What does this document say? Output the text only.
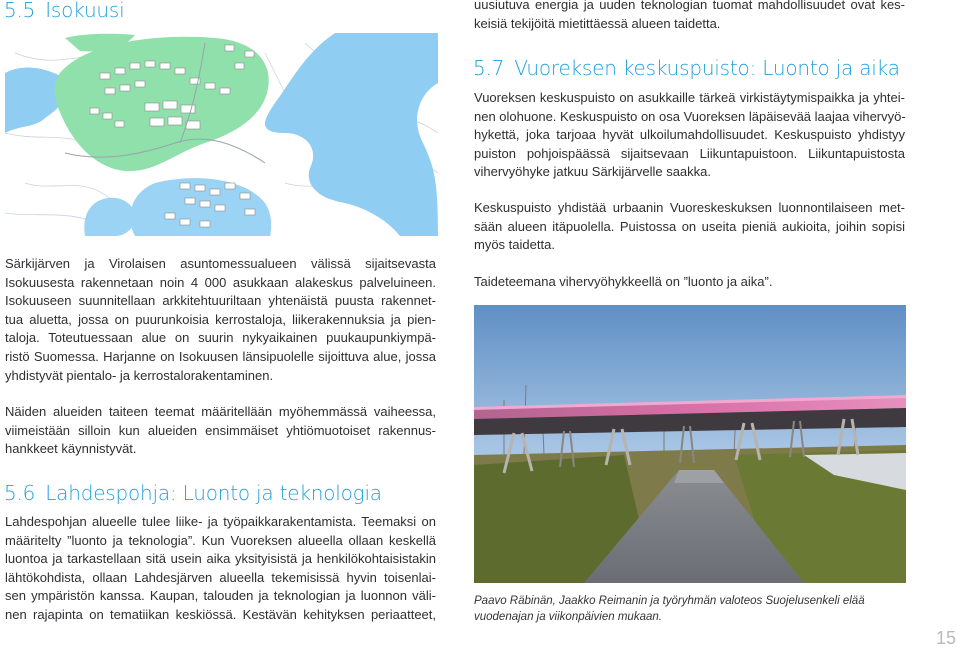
5.5 Isokuusi
Särkijärven ja Virolaisen asuntomessualueen välissä sijaitsevasta
Isokuusesta rakennetaan noin 4 000 asukkaan alakeskus palveluineen.
Isokuuseen suunnitellaan arkkitehtuuriltaan yhtenäistä puusta rakennet-
tua aluetta, jossa on puurunkoisia kerrostaloja, liikerakennuksia ja pien-
taloja. Toteutuessaan alue on suurin nykyaikainen puukaupunkiympä-
ristö Suomessa. Harjanne on Isokuusen länsipuolelle sijoittuva alue, jossa
yhdistyvät pientalo- ja kerrostalorakentaminen.
Näiden alueiden taiteen teemat määritellään myöhemmässä vaiheessa,
viimeistään silloin kun alueiden ensimmäiset yhtiömuotoiset rakennus-
hankkeet käynnistyvät.
5.6 Lahdespohja: Luonto ja teknologia
Lahdespohjan alueelle tulee liike- ja työpaikkarakentamista. Teemaksi on
määritelty ”luonto ja teknologia”. Kun Vuoreksen alueella ollaan keskellä
luontoa ja tarkastellaan sitä usein aika yksityisistä ja henkilökohtaisistakin
lähtökohdista, ollaan Lahdesjärven alueella tekemisissä hyvin toisenlai-
sen ympäristön kanssa. Kaupan, talouden ja teknologian ja luonnon väli-
nen rajapinta on tematiikan keskiössä. Kestävän kehityksen periaatteet,
uusiutuva energia ja uuden teknologian tuomat mahdollisuudet ovat kes-
keisiä tekijöitä mietittäessä alueen taidetta.
5.7 Vuoreksen keskuspuisto: Luonto ja aika
Vuoreksen keskuspuisto on asukkaille tärkeä virkistäytymispaikka ja yhtei-
nen olohuone. Keskuspuisto on osa Vuoreksen läpäisevää laajaa vihervyö-
hykettä, joka tarjoaa hyvät ulkoilumahdollisuudet. Keskuspuisto yhdistyy
puiston pohjoispäässä sijaitsevaan Liikuntapuistoon. Liikuntapuistosta
vihervyöhyke jatkuu Särkijärvelle saakka.
Keskuspuisto yhdistää urbaanin Vuoreskeskuksen luonnontilaiseen met-
sään alueen itäpuolella. Puistossa on useita pieniä aukioita, joihin sopisi
myös taidetta.
Taideteemana vihervyöhykkeellä on ”luonto ja aika”.
Paavo Räbinän, Jaakko Reimanin ja työryhmän valoteos Suojelusenkeli elää
vuodenajan ja viikonpäivien mukaan.
15
